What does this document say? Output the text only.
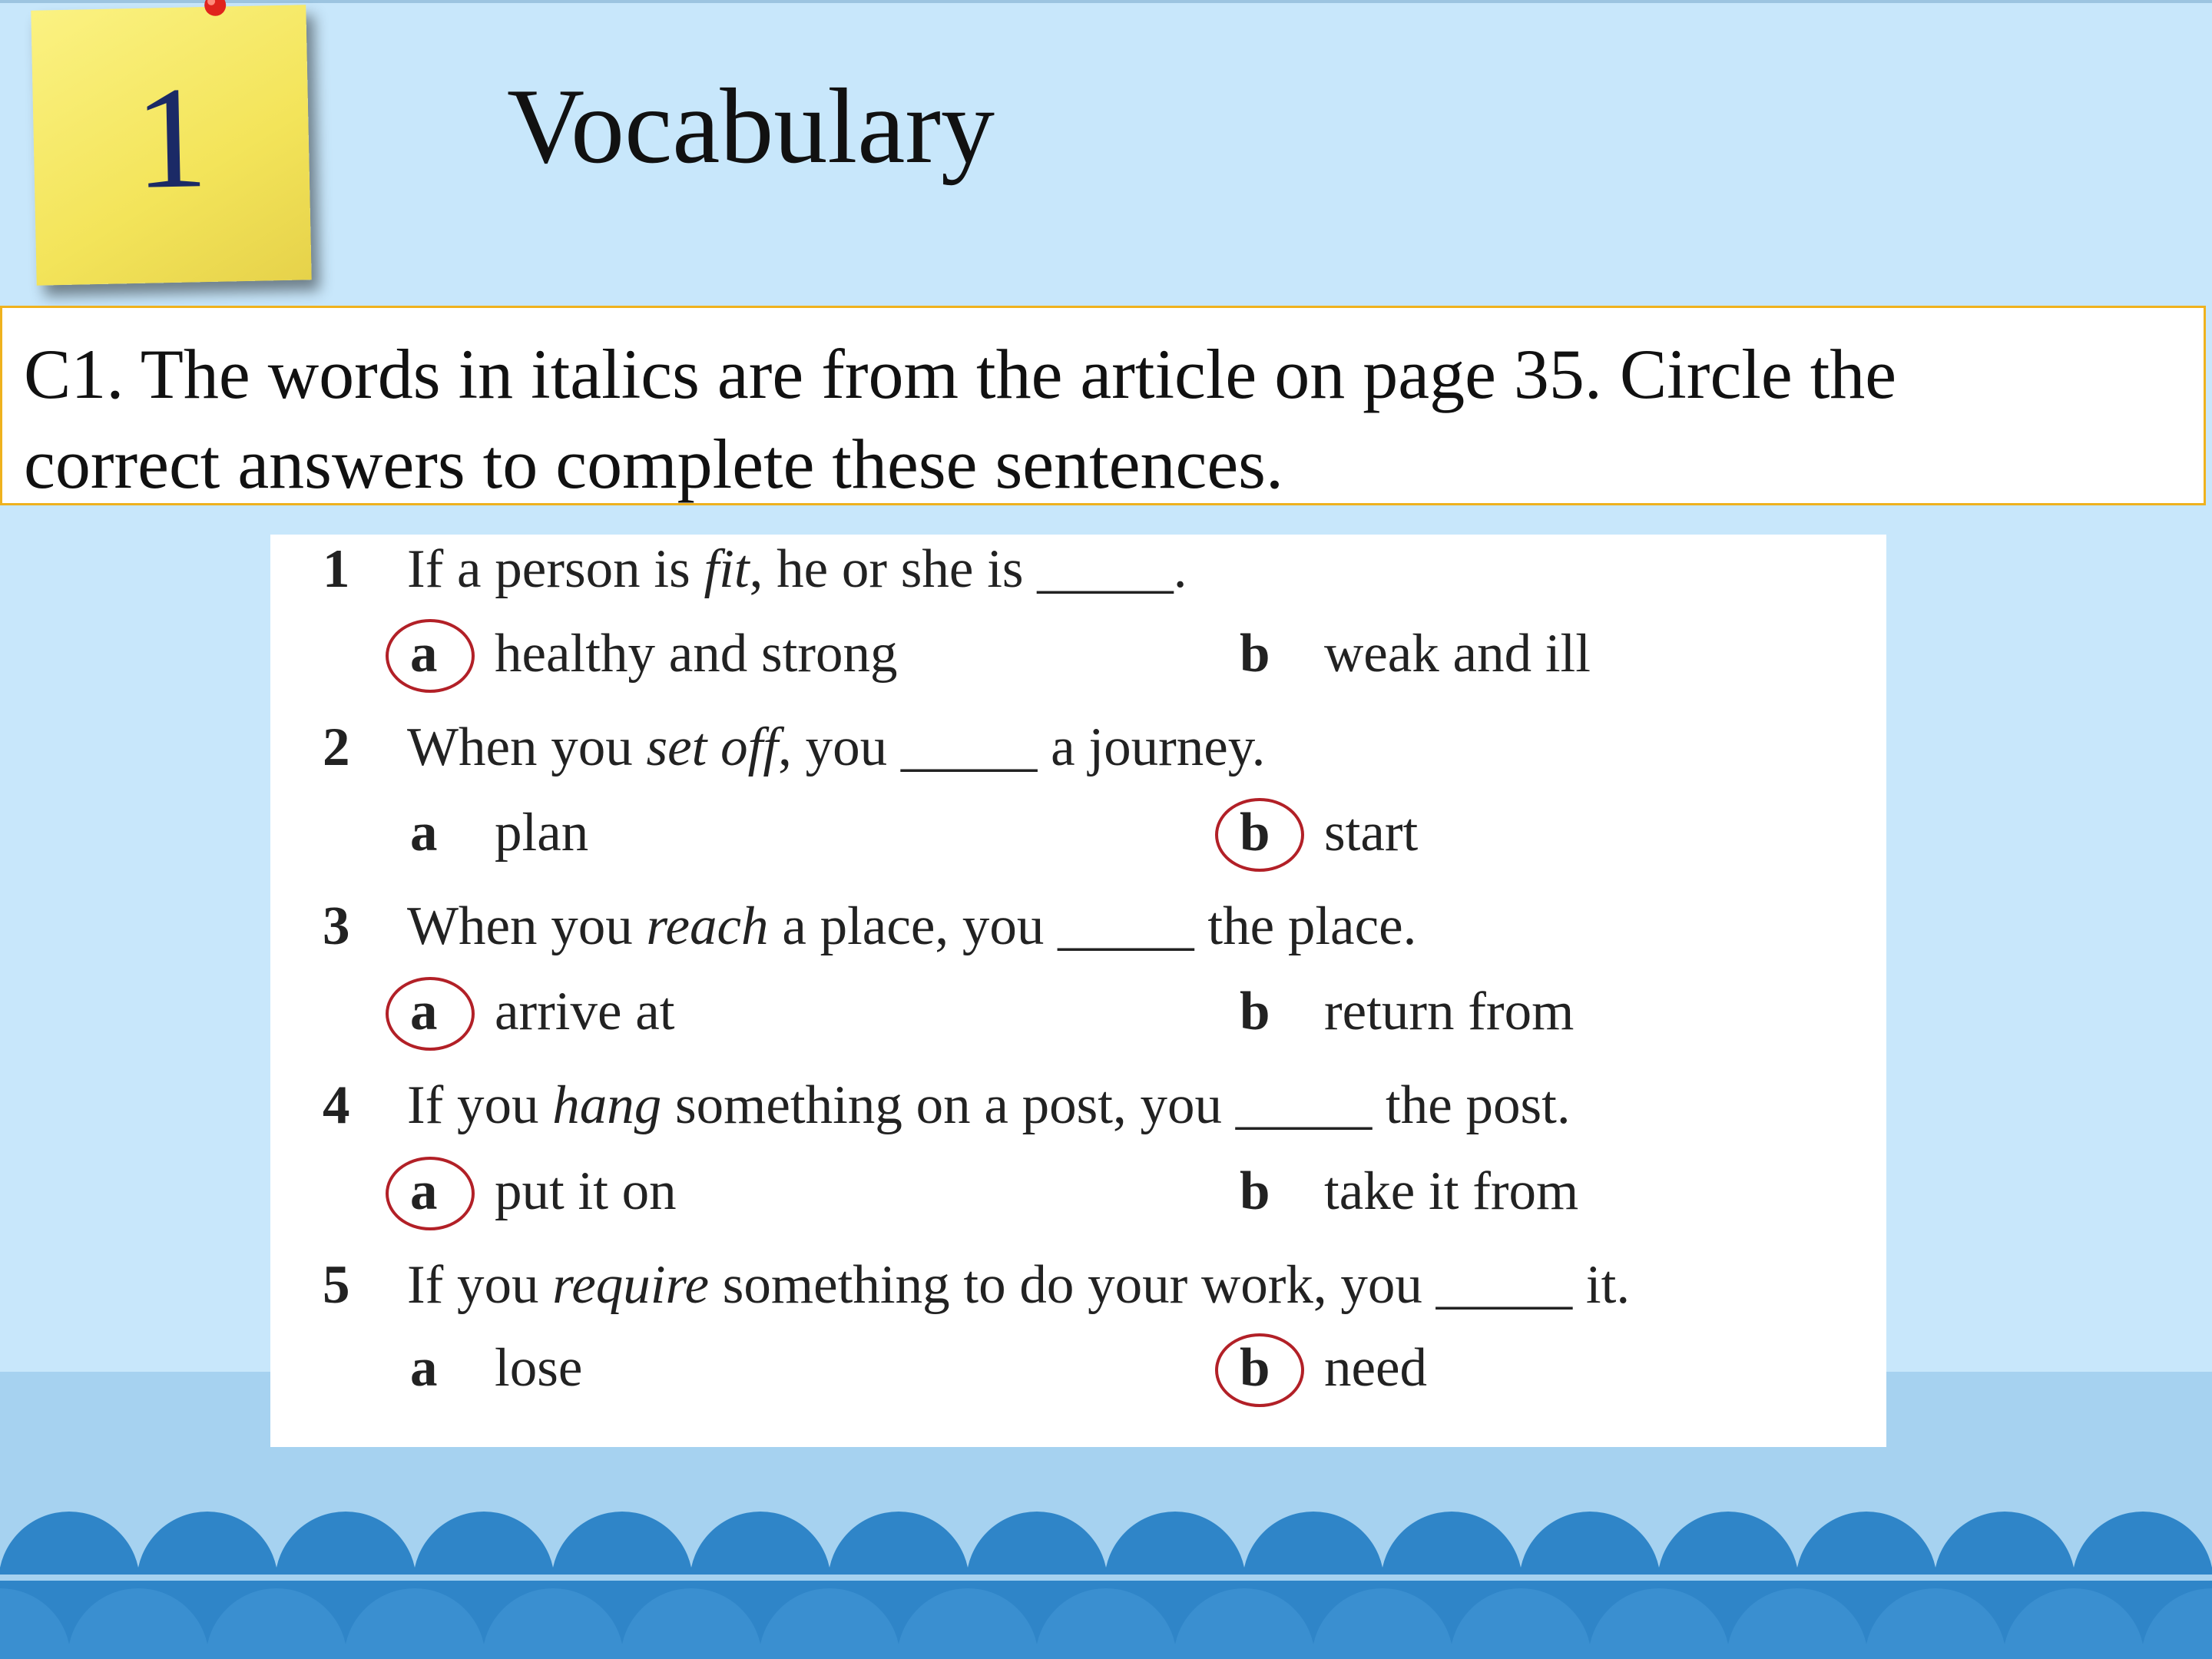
1	Vocabulary
C1. The words in italics are from the article on page 35. Circle the
correct answers to complete these sentences.
1 If a person is fit, he or she is _____.
a healthy and strong	b weak and ill
2 When you set off, you _____ a journey.
a plan	b start
3 When you reach a place, you _____ the place.
a arrive at	b return from
4 If you hang something on a post, you _____ the post.
a put it on	b take it from
5 If you require something to do your work, you _____ it.
a lose	b need
